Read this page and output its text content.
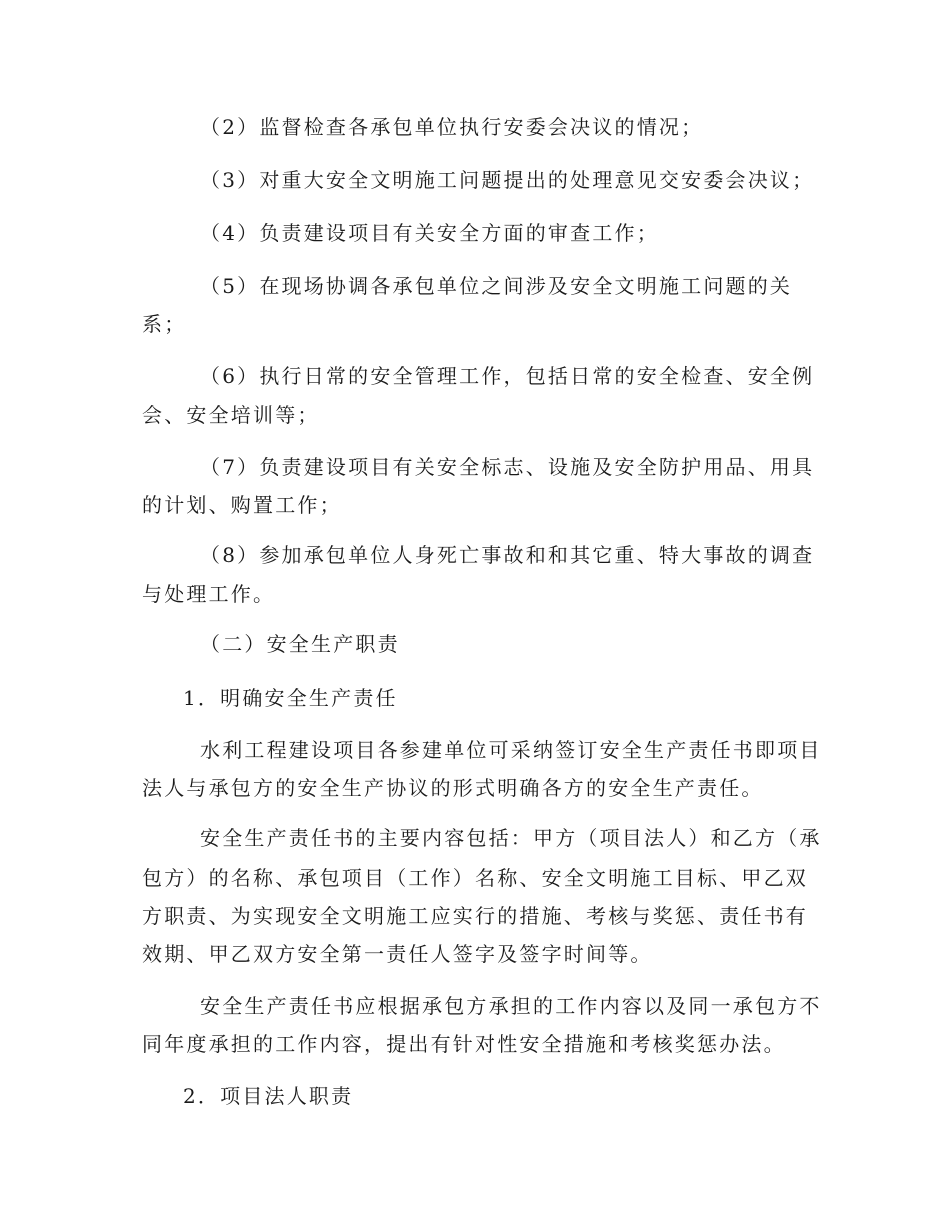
（2）监督检查各承包单位执行安委会决议的情况；
（3）对重大安全文明施工问题提出的处理意见交安委会决议；
（4）负责建设项目有关安全方面的审查工作；
（5）在现场协调各承包单位之间涉及安全文明施工问题的关
系；
（6）执行日常的安全管理工作，包括日常的安全检查、安全例
会、安全培训等；
（7）负责建设项目有关安全标志、设施及安全防护用品、用具
的计划、购置工作；
（8）参加承包单位人身死亡事故和和其它重、特大事故的调查
与处理工作。
（二）安全生产职责
1．明确安全生产责任
水利工程建设项目各参建单位可采纳签订安全生产责任书即项目
法人与承包方的安全生产协议的形式明确各方的安全生产责任。
安全生产责任书的主要内容包括：甲方（项目法人）和乙方（承
包方）的名称、承包项目（工作）名称、安全文明施工目标、甲乙双
方职责、为实现安全文明施工应实行的措施、考核与奖惩、责任书有
效期、甲乙双方安全第一责任人签字及签字时间等。
安全生产责任书应根据承包方承担的工作内容以及同一承包方不
同年度承担的工作内容，提出有针对性安全措施和考核奖惩办法。
2．项目法人职责
